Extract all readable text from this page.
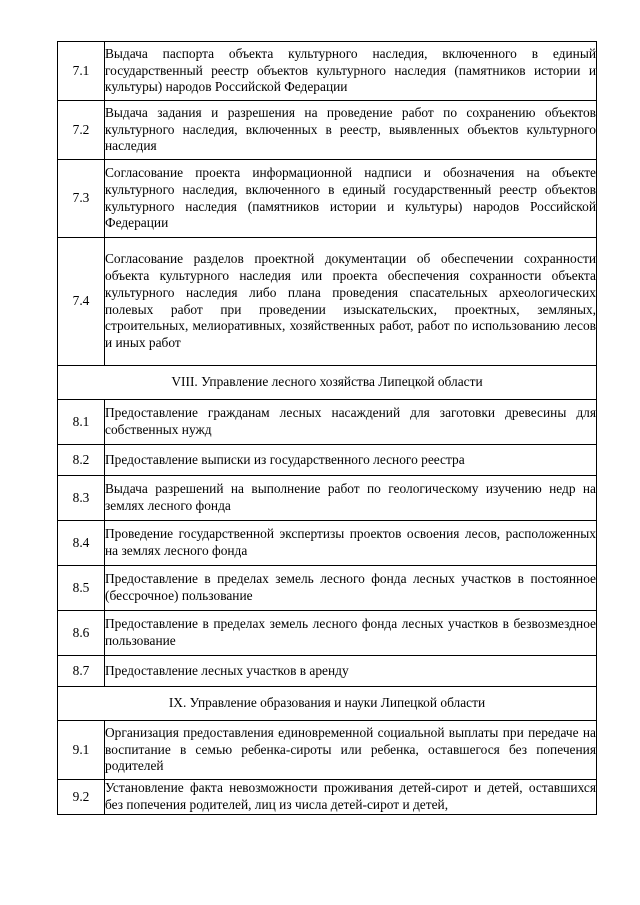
7.1	Выдача паспорта объекта культурного наследия, включенного в единый государственный реестр объектов культурного наследия (памятников истории и культуры) народов Российской Федерации
7.2	Выдача задания и разрешения на проведение работ по сохранению объектов культурного наследия, включенных в реестр, выявленных объектов культурного наследия
7.3	Согласование проекта информационной надписи и обозначения на объекте культурного наследия, включенного в единый государственный реестр объектов культурного наследия (памятников истории и культуры) народов Российской Федерации
7.4	Согласование разделов проектной документации об обеспечении сохранности объекта культурного наследия или проекта обеспечения сохранности объекта культурного наследия либо плана проведения спасательных археологических полевых работ при проведении изыскательских, проектных, земляных, строительных, мелиоративных, хозяйственных работ, работ по использованию лесов и иных работ
VIII. Управление лесного хозяйства Липецкой области	
8.1	Предоставление гражданам лесных насаждений для заготовки древесины для собственных нужд
8.2	Предоставление выписки из государственного лесного реестра
8.3	Выдача разрешений на выполнение работ по геологическому изучению недр на землях лесного фонда
8.4	Проведение государственной экспертизы проектов освоения лесов, расположенных на землях лесного фонда
8.5	Предоставление в пределах земель лесного фонда лесных участков в постоянное (бессрочное) пользование
8.6	Предоставление в пределах земель лесного фонда лесных участков в безвозмездное пользование
8.7	Предоставление лесных участков в аренду
IX. Управление образования и науки Липецкой области	
9.1	Организация предоставления единовременной социальной выплаты при передаче на воспитание в семью ребенка-сироты или ребенка, оставшегося без попечения родителей
9.2	Установление факта невозможности проживания детей-сирот и детей, оставшихся без попечения родителей, лиц из числа детей-сирот и детей,
